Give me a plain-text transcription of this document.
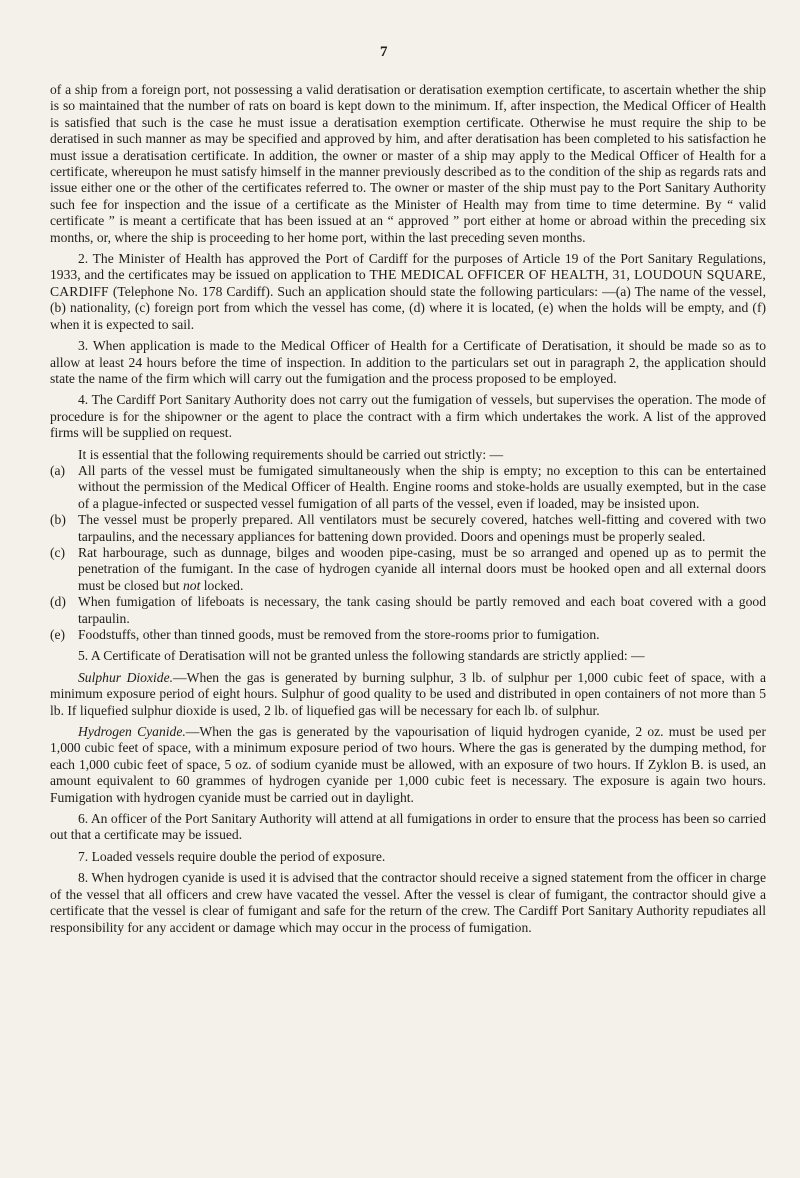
7

of a ship from a foreign port, not possessing a valid deratisation or deratisation exemption certificate, to ascertain whether the ship is so maintained that the number of rats on board is kept down to the minimum. If, after inspection, the Medical Officer of Health is satisfied that such is the case he must issue a deratisation exemption certificate. Otherwise he must require the ship to be deratised in such manner as may be specified and approved by him, and after deratisation has been completed to his satisfaction he must issue a deratisation certificate. In addition, the owner or master of a ship may apply to the Medical Officer of Health for a certificate, whereupon he must satisfy himself in the manner previously described as to the condition of the ship as regards rats and issue either one or the other of the certificates referred to. The owner or master of the ship must pay to the Port Sanitary Authority such fee for inspection and the issue of a certificate as the Minister of Health may from time to time determine. By “ valid certificate ” is meant a certificate that has been issued at an “ approved ” port either at home or abroad within the preceding six months, or, where the ship is proceeding to her home port, within the last preceding seven months.

2. The Minister of Health has approved the Port of Cardiff for the purposes of Article 19 of the Port Sanitary Regulations, 1933, and the certificates may be issued on application to THE MEDICAL OFFICER OF HEALTH, 31, LOUDOUN SQUARE, CARDIFF (Telephone No. 178 Cardiff). Such an application should state the following particulars: —(a) The name of the vessel, (b) nationality, (c) foreign port from which the vessel has come, (d) where it is located, (e) when the holds will be empty, and (f) when it is expected to sail.

3. When application is made to the Medical Officer of Health for a Certificate of Deratisation, it should be made so as to allow at least 24 hours before the time of inspection. In addition to the particulars set out in paragraph 2, the application should state the name of the firm which will carry out the fumigation and the process proposed to be employed.

4. The Cardiff Port Sanitary Authority does not carry out the fumigation of vessels, but supervises the operation. The mode of procedure is for the shipowner or the agent to place the contract with a firm which undertakes the work. A list of the approved firms will be supplied on request.

It is essential that the following requirements should be carried out strictly: —

(a) All parts of the vessel must be fumigated simultaneously when the ship is empty; no exception to this can be entertained without the permission of the Medical Officer of Health. Engine rooms and stoke-holds are usually exempted, but in the case of a plague-infected or suspected vessel fumigation of all parts of the vessel, even if loaded, may be insisted upon.

(b) The vessel must be properly prepared. All ventilators must be securely covered, hatches well-fitting and covered with two tarpaulins, and the necessary appliances for battening down provided. Doors and openings must be properly sealed.

(c) Rat harbourage, such as dunnage, bilges and wooden pipe-casing, must be so arranged and opened up as to permit the penetration of the fumigant. In the case of hydrogen cyanide all internal doors must be hooked open and all external doors must be closed but not locked.

(d) When fumigation of lifeboats is necessary, the tank casing should be partly removed and each boat covered with a good tarpaulin.

(e) Foodstuffs, other than tinned goods, must be removed from the store-rooms prior to fumigation.

5. A Certificate of Deratisation will not be granted unless the following standards are strictly applied: —

Sulphur Dioxide.—When the gas is generated by burning sulphur, 3 lb. of sulphur per 1,000 cubic feet of space, with a minimum exposure period of eight hours. Sulphur of good quality to be used and distributed in open containers of not more than 5 lb. If liquefied sulphur dioxide is used, 2 lb. of liquefied gas will be necessary for each lb. of sulphur.

Hydrogen Cyanide.—When the gas is generated by the vapourisation of liquid hydrogen cyanide, 2 oz. must be used per 1,000 cubic feet of space, with a minimum exposure period of two hours. Where the gas is generated by the dumping method, for each 1,000 cubic feet of space, 5 oz. of sodium cyanide must be allowed, with an exposure of two hours. If Zyklon B. is used, an amount equivalent to 60 grammes of hydrogen cyanide per 1,000 cubic feet is necessary. The exposure is again two hours. Fumigation with hydrogen cyanide must be carried out in daylight.

6. An officer of the Port Sanitary Authority will attend at all fumigations in order to ensure that the process has been so carried out that a certificate may be issued.

7. Loaded vessels require double the period of exposure.

8. When hydrogen cyanide is used it is advised that the contractor should receive a signed statement from the officer in charge of the vessel that all officers and crew have vacated the vessel. After the vessel is clear of fumigant, the contractor should give a certificate that the vessel is clear of fumigant and safe for the return of the crew. The Cardiff Port Sanitary Authority repudiates all responsibility for any accident or damage which may occur in the process of fumigation.
